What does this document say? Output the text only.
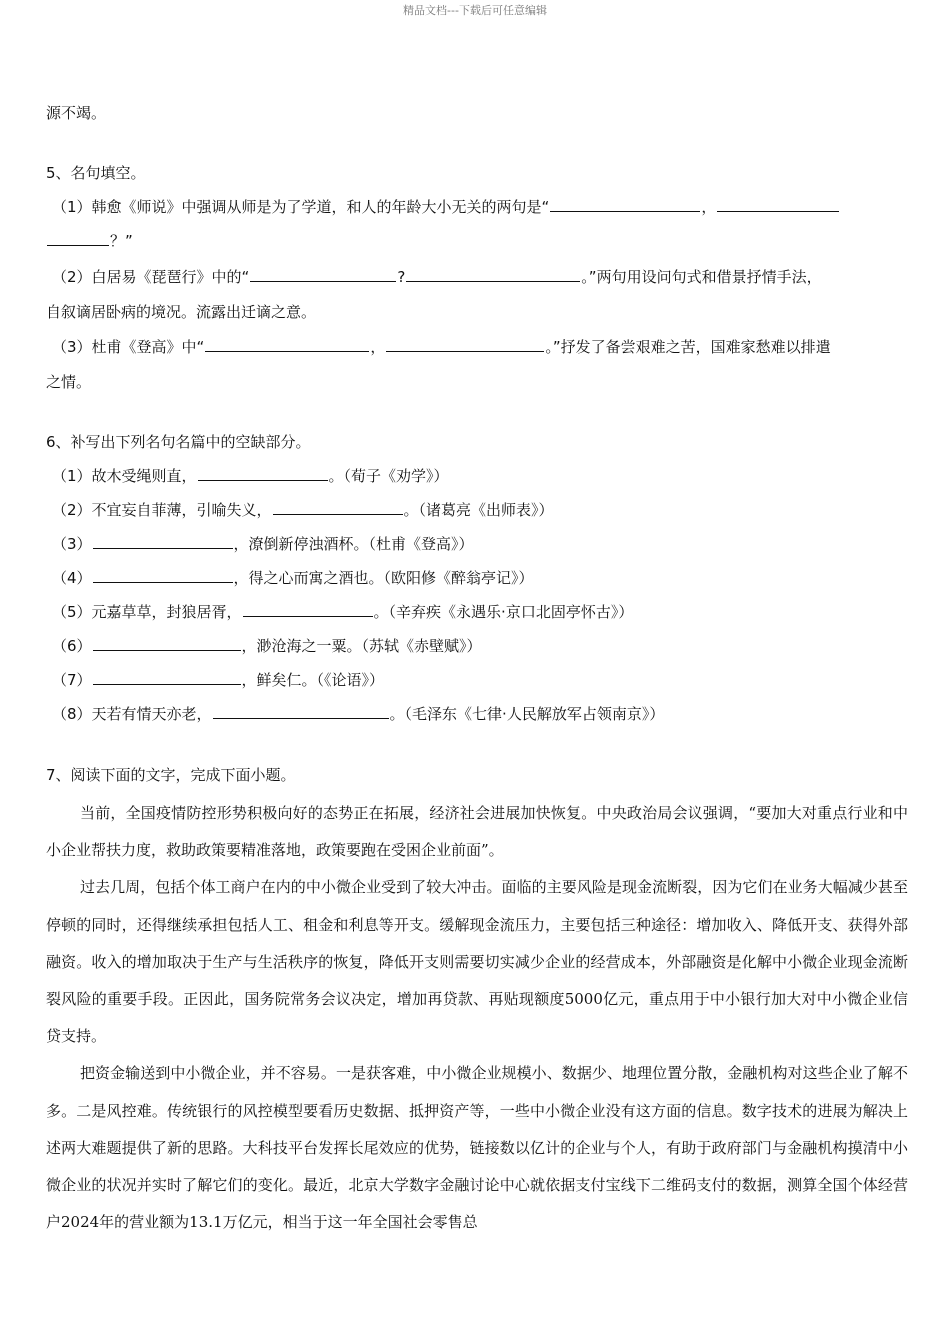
精品文档---下载后可任意编辑
源不竭。
5、名句填空。
（1）韩愈《师说》中强调从师是为了学道，和人的年龄大小无关的两句是“	，
？”
（2）白居易《琵琶行》中的“	?	。”两句用设问句式和借景抒情手法，
自叙谪居卧病的境况。流露出迁谪之意。
（3）杜甫《登高》中“	，	。”抒发了备尝艰难之苦，国难家愁难以排遣
之情。
6、补写出下列名句名篇中的空缺部分。
（1）故木受绳则直，	。（荀子《劝学》）
（2）不宜妄自菲薄，引喻失义，	。（诸葛亮《出师表》）
（3）	，潦倒新停浊酒杯。（杜甫《登高》）
（4）	，得之心而寓之酒也。（欧阳修《醉翁亭记》）
（5）元嘉草草，封狼居胥，	。（辛弃疾《永遇乐·京口北固亭怀古》）
（6）	，渺沧海之一粟。（苏轼《赤壁赋》）
（7）	，鲜矣仁。（《论语》）
（8）天若有情天亦老，	。（毛泽东《七律·人民解放军占领南京》）
7、阅读下面的文字，完成下面小题。

当前，全国疫情防控形势积极向好的态势正在拓展，经济社会进展加快恢复。中央政治局会议强调，“要加大对重点行业和中小企业帮扶力度，救助政策要精准落地，政策要跑在受困企业前面”。

过去几周，包括个体工商户在内的中小微企业受到了较大冲击。面临的主要风险是现金流断裂，因为它们在业务大幅减少甚至停顿的同时，还得继续承担包括人工、租金和利息等开支。缓解现金流压力，主要包括三种途径：增加收入、降低开支、获得外部融资。收入的增加取决于生产与生活秩序的恢复，降低开支则需要切实减少企业的经营成本，外部融资是化解中小微企业现金流断裂风险的重要手段。正因此，国务院常务会议决定，增加再贷款、再贴现额度5000亿元，重点用于中小银行加大对中小微企业信贷支持。

把资金输送到中小微企业，并不容易。一是获客难，中小微企业规模小、数据少、地理位置分散，金融机构对这些企业了解不多。二是风控难。传统银行的风控模型要看历史数据、抵押资产等，一些中小微企业没有这方面的信息。数字技术的进展为解决上述两大难题提供了新的思路。大科技平台发挥长尾效应的优势，链接数以亿计的企业与个人，有助于政府部门与金融机构摸清中小微企业的状况并实时了解它们的变化。最近，北京大学数字金融讨论中心就依据支付宝线下二维码支付的数据，测算全国个体经营户2024年的营业额为13.1万亿元，相当于这一年全国社会零售总
